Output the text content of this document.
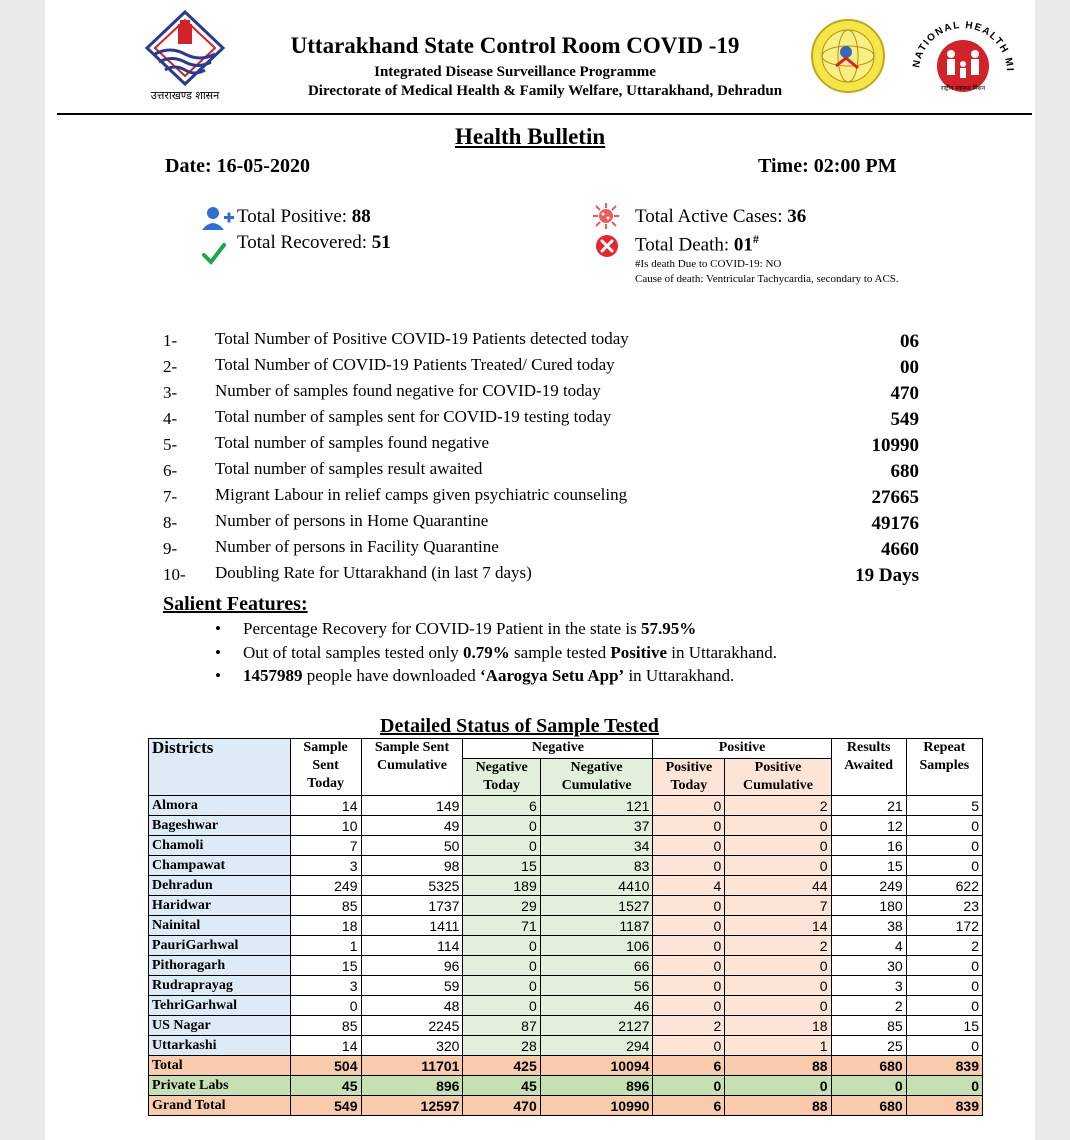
उत्तराखण्ड शासन
Uttarakhand State Control Room COVID -19
Integrated Disease Surveillance Programme
Directorate of Medical Health & Family Welfare, Uttarakhand, Dehradun
NATIONAL HEALTH MI
राष्ट्रीय स्वास्थ्य मिशन
Health Bulletin
Date: 16-05-2020	Time: 02:00 PM
Total Positive: 88
Total Recovered: 51
Total Active Cases: 36
Total Death: 01#
#Is death Due to COVID-19: NO
Cause of death: Ventricular Tachycardia, secondary to ACS.
1- Total Number of Positive COVID-19 Patients detected today	06
2- Total Number of COVID-19 Patients Treated/ Cured today	00
3- Number of samples found negative for COVID-19 today	470
4- Total number of samples sent for COVID-19 testing today	549
5- Total number of samples found negative	10990
6- Total number of samples result awaited	680
7- Migrant Labour in relief camps given psychiatric counseling	27665
8- Number of persons in Home Quarantine	49176
9- Number of persons in Facility Quarantine	4660
10- Doubling Rate for Uttarakhand (in last 7 days)	19 Days
Salient Features:
• Percentage Recovery for COVID-19 Patient in the state is 57.95%
• Out of total samples tested only 0.79% sample tested Positive in Uttarakhand.
• 1457989 people have downloaded ‘Aarogya Setu App’ in Uttarakhand.
Detailed Status of Sample Tested
Districts	Sample Sent Today	Sample Sent Cumulative	Negative		Positive		Results Awaited	Repeat Samples
			Negative Today	Negative Cumulative	Positive Today	Positive Cumulative		

Almora	14	149	6	121	0	2	21	5
Bageshwar	10	49	0	37	0	0	12	0
Chamoli	7	50	0	34	0	0	16	0
Champawat	3	98	15	83	0	0	15	0
Dehradun	249	5325	189	4410	4	44	249	622
Haridwar	85	1737	29	1527	0	7	180	23
Nainital	18	1411	71	1187	0	14	38	172
PauriGarhwal	1	114	0	106	0	2	4	2
Pithoragarh	15	96	0	66	0	0	30	0
Rudraprayag	3	59	0	56	0	0	3	0
TehriGarhwal	0	48	0	46	0	0	2	0
US Nagar	85	2245	87	2127	2	18	85	15
Uttarkashi	14	320	28	294	0	1	25	0
Total	504	11701	425	10094	6	88	680	839
Private Labs	45	896	45	896	0	0	0	0
Grand Total	549	12597	470	10990	6	88	680	839
